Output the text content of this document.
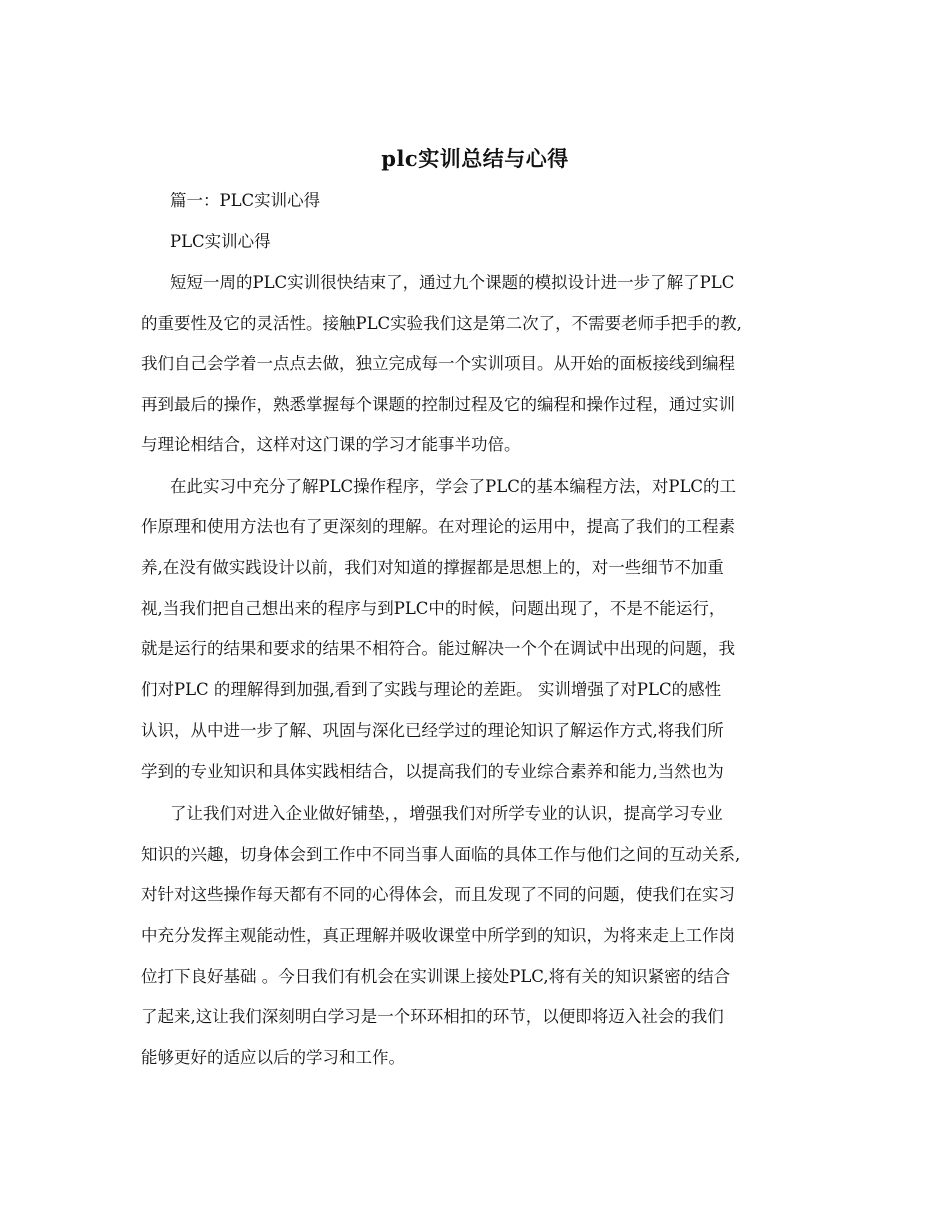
plc实训总结与心得
篇一：PLC实训心得
PLC实训心得
短短一周的PLC实训很快结束了，通过九个课题的模拟设计进一步了解了PLC
的重要性及它的灵活性。接触PLC实验我们这是第二次了，不需要老师手把手的教,
我们自己会学着一点点去做，独立完成每一个实训项目。从开始的面板接线到编程
再到最后的操作，熟悉掌握每个课题的控制过程及它的编程和操作过程，通过实训
与理论相结合，这样对这门课的学习才能事半功倍。
在此实习中充分了解PLC操作程序，学会了PLC的基本编程方法，对PLC的工
作原理和使用方法也有了更深刻的理解。在对理论的运用中，提高了我们的工程素
养,在没有做实践设计以前，我们对知道的撑握都是思想上的，对一些细节不加重
视,当我们把自己想出来的程序与到PLC中的时候，问题出现了，不是不能运行，
就是运行的结果和要求的结果不相符合。能过解决一个个在调试中出现的问题，我
们对PLC 的理解得到加强,看到了实践与理论的差距。 实训增强了对PLC的感性
认识，从中进一步了解、巩固与深化已经学过的理论知识了解运作方式,将我们所
学到的专业知识和具体实践相结合，以提高我们的专业综合素养和能力,当然也为
了让我们对进入企业做好铺垫，，增强我们对所学专业的认识，提高学习专业
知识的兴趣，切身体会到工作中不同当事人面临的具体工作与他们之间的互动关系,
对针对这些操作每天都有不同的心得体会，而且发现了不同的问题，使我们在实习
中充分发挥主观能动性，真正理解并吸收课堂中所学到的知识，为将来走上工作岗
位打下良好基础 。今日我们有机会在实训课上接处PLC,将有关的知识紧密的结合
了起来,这让我们深刻明白学习是一个环环相扣的环节，以便即将迈入社会的我们
能够更好的适应以后的学习和工作。
